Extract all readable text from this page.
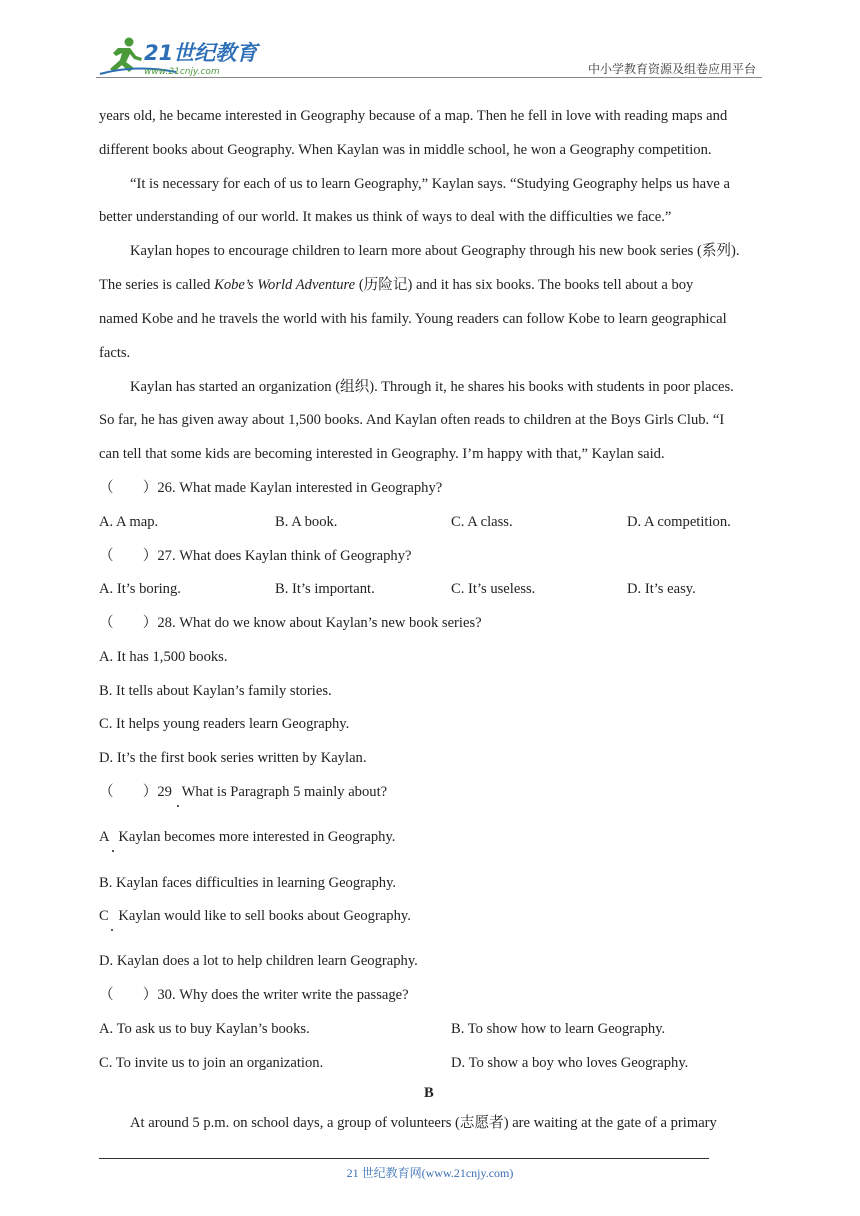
21世纪教育
www.21cnjy.com	中小学教育资源及组卷应用平台
years old, he became interested in Geography because of a map. Then he fell in love with reading maps and
different books about Geography. When Kaylan was in middle school, he won a Geography competition.
“It is necessary for each of us to learn Geography,” Kaylan says. “Studying Geography helps us have a
better understanding of our world. It makes us think of ways to deal with the difficulties we face.”
Kaylan hopes to encourage children to learn more about Geography through his new book series (系列).
The series is called Kobe’s World Adventure (历险记) and it has six books. The books tell about a boy
named Kobe and he travels the world with his family. Young readers can follow Kobe to learn geographical
facts.
Kaylan has started an organization (组织). Through it, he shares his books with students in poor places.
So far, he has given away about 1,500 books. And Kaylan often reads to children at the Boys Girls Club. “I
can tell that some kids are becoming interested in Geography. I’m happy with that,” Kaylan said.
（　　）26. What made Kaylan interested in Geography?
A. A map.	B. A book.	C. A class.	D. A competition.
（　　）27. What does Kaylan think of Geography?
A. It’s boring.	B. It’s important.	C. It’s useless.	D. It’s easy.
（　　）28. What do we know about Kaylan’s new book series?
A. It has 1,500 books.
B. It tells about Kaylan’s family stories.
C. It helps young readers learn Geography.
D. It’s the first book series written by Kaylan.
（　　）29 What is Paragraph 5 mainly about?
A Kaylan becomes more interested in Geography.
B. Kaylan faces difficulties in learning Geography.
C Kaylan would like to sell books about Geography.
D. Kaylan does a lot to help children learn Geography.
（　　）30. Why does the writer write the passage?
A. To ask us to buy Kaylan’s books.	B. To show how to learn Geography.
C. To invite us to join an organization.	D. To show a boy who loves Geography.
B
At around 5 p.m. on school days, a group of volunteers (志愿者) are waiting at the gate of a primary
21 世纪教育网(www.21cnjy.com)
